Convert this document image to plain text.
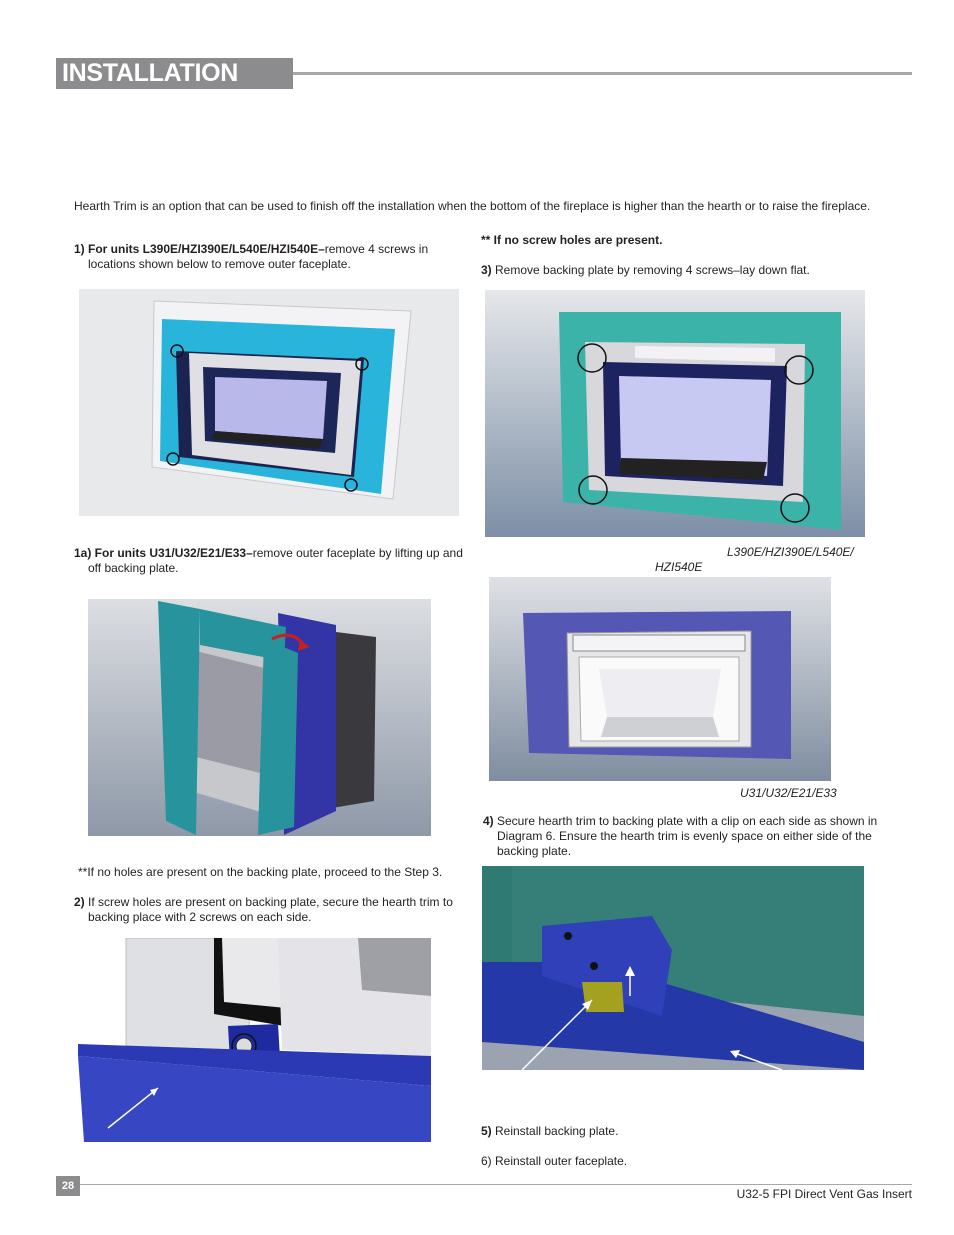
INSTALLATION
Hearth Trim is an option that can be used to finish off the installation when the bottom of the fireplace is higher than the hearth or to raise the fireplace.
1) For units L390E/HZI390E/L540E/HZI540E–remove 4 screws in locations shown below to remove outer faceplate.
1a) For units U31/U32/E21/E33–remove outer faceplate by lifting up and off backing plate.
**If no holes are present on the backing plate, proceed to the Step 3.
2) If screw holes are present on backing plate, secure the hearth trim to backing place with 2 screws on each side.
** If no screw holes are present.
3) Remove backing plate by removing 4 screws–lay down flat.
L390E/HZI390E/L540E/
HZI540E
U31/U32/E21/E33
4) Secure hearth trim to backing plate with a clip on each side as shown in Diagram 6. Ensure the hearth trim is evenly space on either side of the backing plate.
5) Reinstall backing plate.
6) Reinstall outer faceplate.
28
U32-5 FPI Direct Vent Gas Insert
